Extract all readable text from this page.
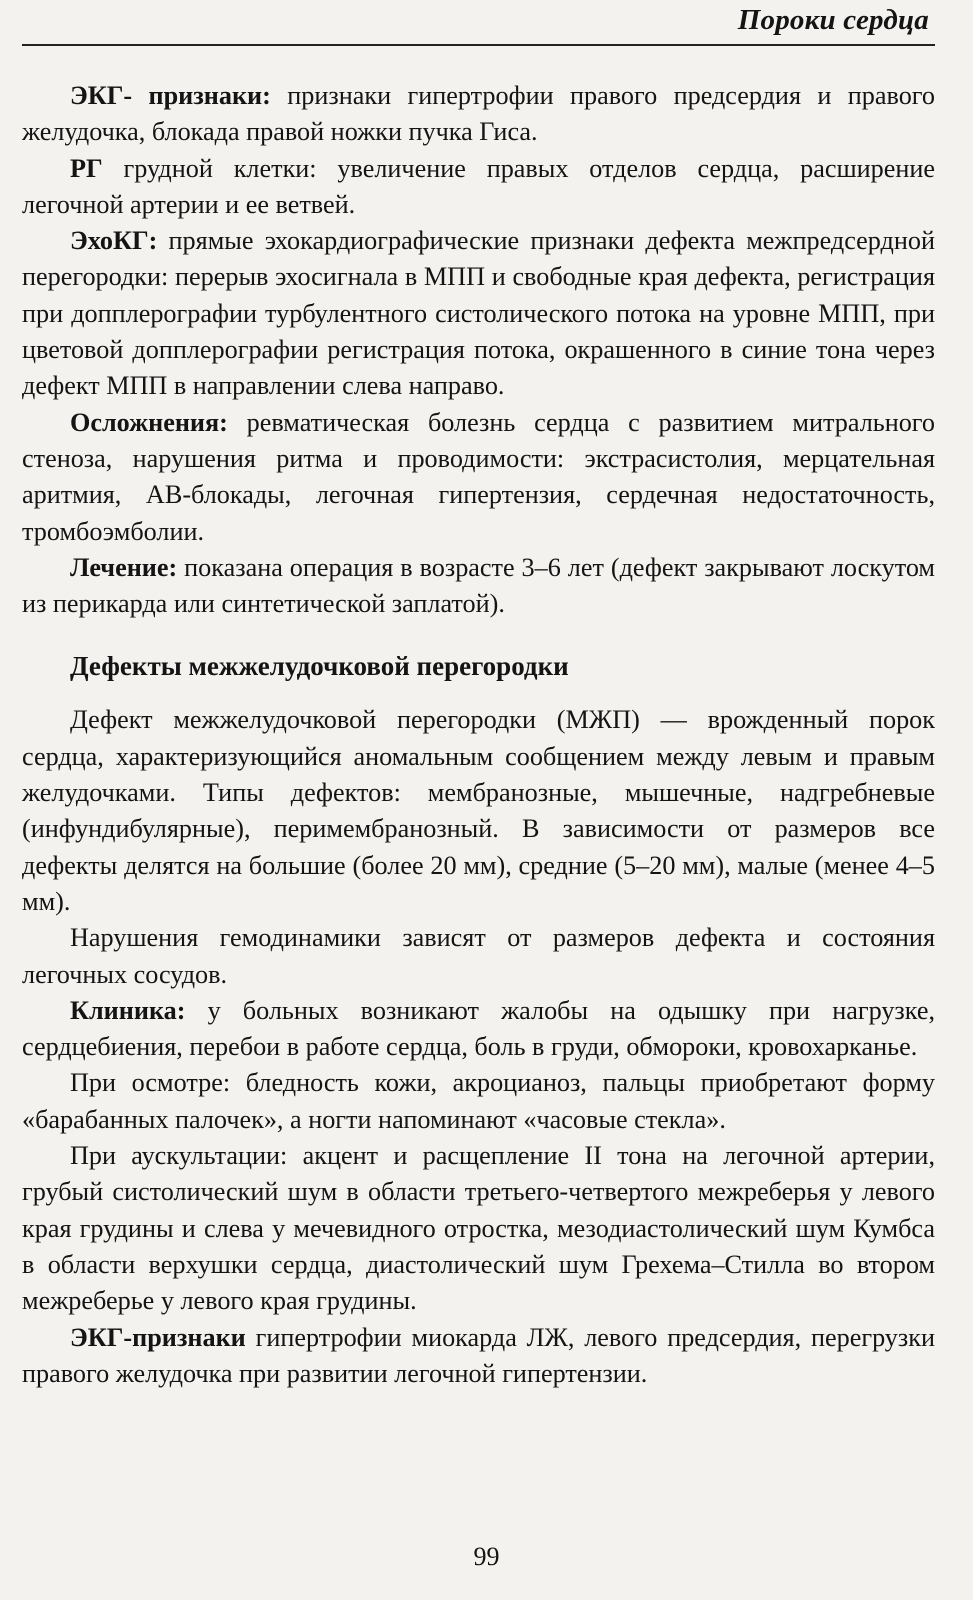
Пороки сердца

ЭКГ- признаки: признаки гипертрофии правого предсердия и правого желудочка, блокада правой ножки пучка Гиса.

РГ грудной клетки: увеличение правых отделов сердца, расширение легочной артерии и ее ветвей.

ЭхоКГ: прямые эхокардиографические признаки дефекта межпредсердной перегородки: перерыв эхосигнала в МПП и свободные края дефекта, регистрация при допплерографии турбулентного систолического потока на уровне МПП, при цветовой допплерографии регистрация потока, окрашенного в синие тона через дефект МПП в направлении слева направо.

Осложнения: ревматическая болезнь сердца с развитием митрального стеноза, нарушения ритма и проводимости: экстрасистолия, мерцательная аритмия, АВ-блокады, легочная гипертензия, сердечная недостаточность, тромбоэмболии.

Лечение: показана операция в возрасте 3–6 лет (дефект закрывают лоскутом из перикарда или синтетической заплатой).

Дефекты межжелудочковой перегородки

Дефект межжелудочковой перегородки (МЖП) — врожденный порок сердца, характеризующийся аномальным сообщением между левым и правым желудочками. Типы дефектов: мембранозные, мышечные, надгребневые (инфундибулярные), перимембранозный. В зависимости от размеров все дефекты делятся на большие (более 20 мм), средние (5–20 мм), малые (менее 4–5 мм).

Нарушения гемодинамики зависят от размеров дефекта и состояния легочных сосудов.

Клиника: у больных возникают жалобы на одышку при нагрузке, сердцебиения, перебои в работе сердца, боль в груди, обмороки, кровохарканье.

При осмотре: бледность кожи, акроцианоз, пальцы приобретают форму «барабанных палочек», а ногти напоминают «часовые стекла».

При аускультации: акцент и расщепление II тона на легочной артерии, грубый систолический шум в области третьего-четвертого межреберья у левого края грудины и слева у мечевидного отростка, мезодиастолический шум Кумбса в области верхушки сердца, диастолический шум Грехема–Стилла во втором межреберье у левого края грудины.

ЭКГ-признаки гипертрофии миокарда ЛЖ, левого предсердия, перегрузки правого желудочка при развитии легочной гипертензии.

99
